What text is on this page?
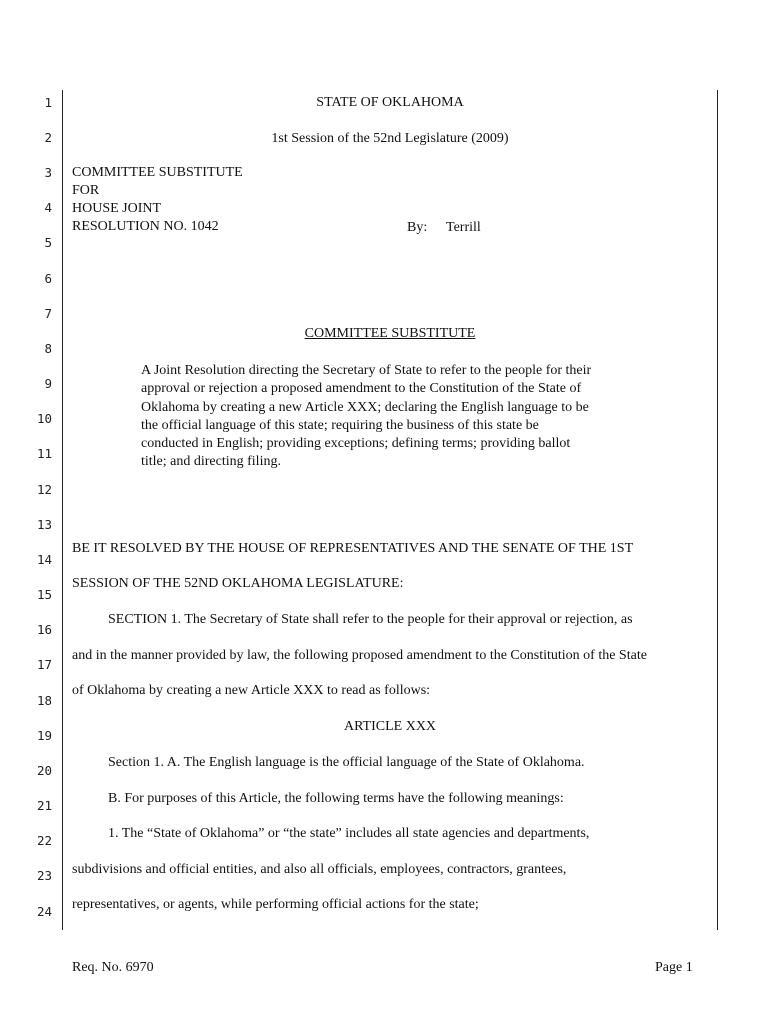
1
2
3
4
5
6
7
8
9
10
11
12
13
14
15
16
17
18
19
20
21
22
23
24
STATE OF OKLAHOMA
1st Session of the 52nd Legislature (2009)
COMMITTEE SUBSTITUTE
FOR
HOUSE JOINT
RESOLUTION NO. 1042	By: Terrill
COMMITTEE SUBSTITUTE
A Joint Resolution directing the Secretary of State to refer to the people for their
approval or rejection a proposed amendment to the Constitution of the State of
Oklahoma by creating a new Article XXX; declaring the English language to be
the official language of this state; requiring the business of this state be
conducted in English; providing exceptions; defining terms; providing ballot
title; and directing filing.
BE IT RESOLVED BY THE HOUSE OF REPRESENTATIVES AND THE SENATE OF THE 1ST
SESSION OF THE 52ND OKLAHOMA LEGISLATURE:
SECTION 1. The Secretary of State shall refer to the people for their approval or rejection, as
and in the manner provided by law, the following proposed amendment to the Constitution of the State
of Oklahoma by creating a new Article XXX to read as follows:
ARTICLE XXX
Section 1. A. The English language is the official language of the State of Oklahoma.
B. For purposes of this Article, the following terms have the following meanings:
1. The “State of Oklahoma” or “the state” includes all state agencies and departments,
subdivisions and official entities, and also all officials, employees, contractors, grantees,
representatives, or agents, while performing official actions for the state;
Req. No. 6970	Page 1
